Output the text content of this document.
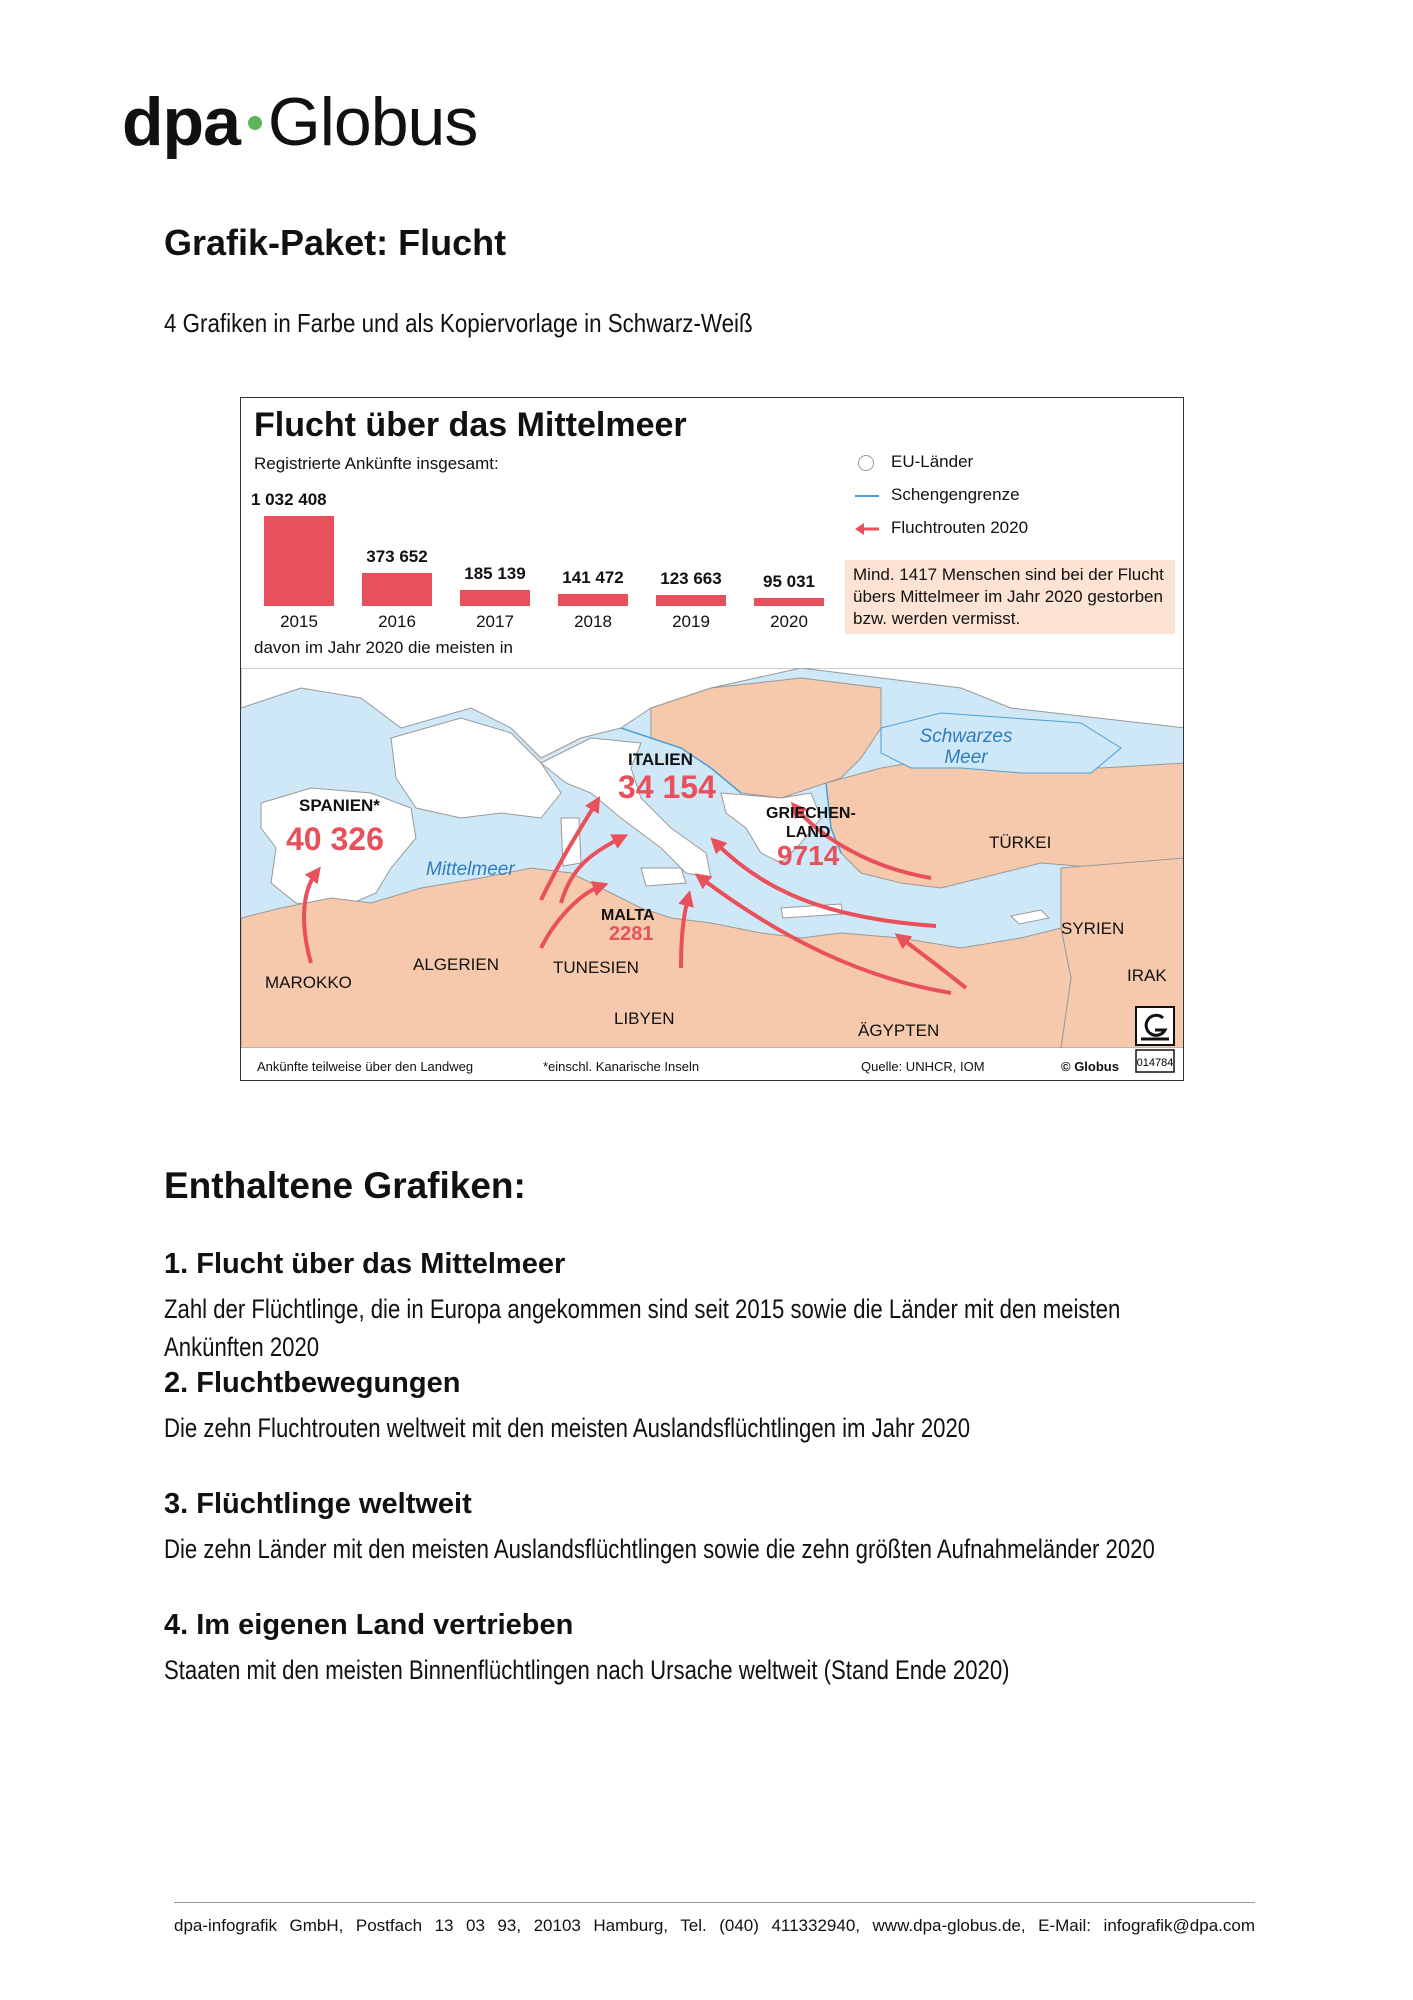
dpa Globus
Grafik-Paket: Flucht
4 Grafiken in Farbe und als Kopiervorlage in Schwarz-Weiß
Flucht über das Mittelmeer
Registrierte Ankünfte insgesamt:
1 032 408
2015
373 652
2016
185 139
2017
141 472
2018
123 663
2019
95 031
2020
davon im Jahr 2020 die meisten in
EU-Länder
Schengengrenze
Fluchtrouten 2020
Mind. 1417 Menschen sind bei der Flucht übers Mittelmeer im Jahr 2020 gestorben bzw. werden vermisst.
SPANIEN*
40 326
ITALIEN
34 154
GRIECHEN-
LAND
9714
MALTA
2281
Schwarzes
Meer
Mittelmeer
TÜRKEI
SYRIEN
IRAK
MAROKKO
ALGERIEN	TUNESIEN
LIBYEN
ÄGYPTEN
Ankünfte teilweise über den Landweg	*einschl. Kanarische Inseln	Quelle: UNHCR, IOM	© Globus 014784
Enthaltene Grafiken:
1. Flucht über das Mittelmeer
Zahl der Flüchtlinge, die in Europa angekommen sind seit 2015 sowie die Länder mit den meisten Ankünften 2020
2. Fluchtbewegungen
Die zehn Fluchtrouten weltweit mit den meisten Auslandsflüchtlingen im Jahr 2020
3. Flüchtlinge weltweit
Die zehn Länder mit den meisten Auslandsflüchtlingen sowie die zehn größten Aufnahmeländer 2020
4. Im eigenen Land vertrieben
Staaten mit den meisten Binnenflüchtlingen nach Ursache weltweit (Stand Ende 2020)
dpa-infografik GmbH, Postfach 13 03 93, 20103 Hamburg, Tel. (040) 411332940, www.dpa-globus.de, E-Mail: infografik@dpa.com
